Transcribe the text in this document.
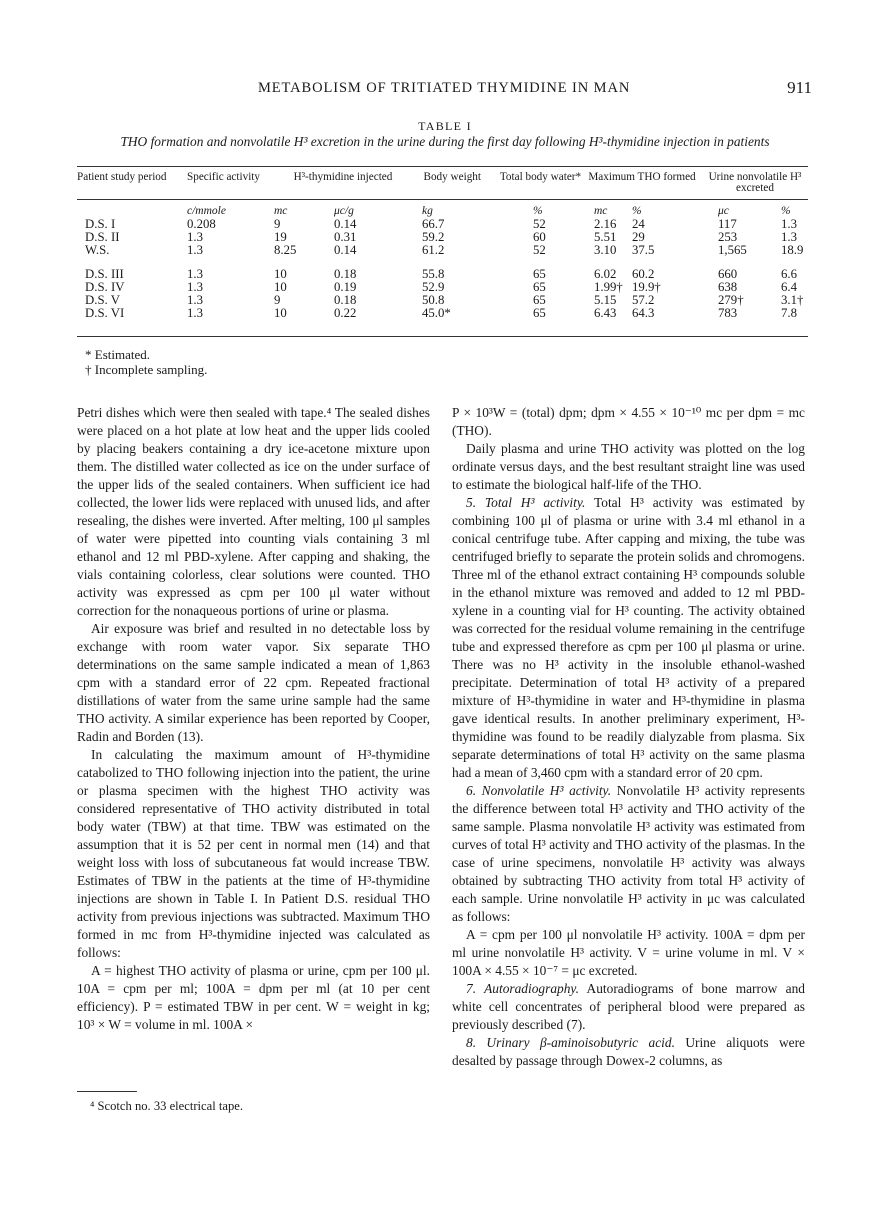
METABOLISM OF TRITIATED THYMIDINE IN MAN	911
TABLE I
THO formation and nonvolatile H³ excretion in the urine during the first day following H³-thymidine injection in patients
Patient study period	Specific activity	H³-thymidine injected		Body weight	Total body water*	Maximum THO formed		Urine nonvolatile H³ excreted	
	c/mmole	mc	μc/g	kg	%	mc	%	μc	%
D.S. I	0.208	9	0.14	66.7	52	2.16	24	117	1.3
D.S. II	1.3	19	0.31	59.2	60	5.51	29	253	1.3
W.S.	1.3	8.25	0.14	61.2	52	3.10	37.5	1,565	18.9

D.S. III	1.3	10	0.18	55.8	65	6.02	60.2	660	6.6
D.S. IV	1.3	10	0.19	52.9	65	1.99†	19.9†	638	6.4
D.S. V	1.3	9	0.18	50.8	65	5.15	57.2	279†	3.1†
D.S. VI	1.3	10	0.22	45.0*	65	6.43	64.3	783	7.8
* Estimated.
† Incomplete sampling.

Petri dishes which were then sealed with tape.⁴ The sealed dishes were placed on a hot plate at low heat and the upper lids cooled by placing beakers containing a dry ice-acetone mixture upon them. The distilled water collected as ice on the under surface of the upper lids of the sealed containers. When sufficient ice had collected, the lower lids were replaced with unused lids, and after resealing, the dishes were inverted. After melting, 100 μl samples of water were pipetted into counting vials containing 3 ml ethanol and 12 ml PBD-xylene. After capping and shaking, the vials containing colorless, clear solutions were counted. THO activity was expressed as cpm per 100 μl water without correction for the nonaqueous portions of urine or plasma.

Air exposure was brief and resulted in no detectable loss by exchange with room water vapor. Six separate THO determinations on the same sample indicated a mean of 1,863 cpm with a standard error of 22 cpm. Repeated fractional distillations of water from the same urine sample had the same THO activity. A similar experience has been reported by Cooper, Radin and Borden (13).

In calculating the maximum amount of H³-thymidine catabolized to THO following injection into the patient, the urine or plasma specimen with the highest THO activity was considered representative of THO activity distributed in total body water (TBW) at that time. TBW was estimated on the assumption that it is 52 per cent in normal men (14) and that weight loss with loss of subcutaneous fat would increase TBW. Estimates of TBW in the patients at the time of H³-thymidine injections are shown in Table I. In Patient D.S. residual THO activity from previous injections was subtracted. Maximum THO formed in mc from H³-thymidine injected was calculated as follows:

A = highest THO activity of plasma or urine, cpm per 100 μl. 10A = cpm per ml; 100A = dpm per ml (at 10 per cent efficiency). P = estimated TBW in per cent. W = weight in kg; 10³ × W = volume in ml. 100A ×

⁴ Scotch no. 33 electrical tape.

P × 10³W = (total) dpm; dpm × 4.55 × 10⁻¹⁰ mc per dpm = mc (THO).

Daily plasma and urine THO activity was plotted on the log ordinate versus days, and the best resultant straight line was used to estimate the biological half-life of the THO.

5. Total H³ activity. Total H³ activity was estimated by combining 100 μl of plasma or urine with 3.4 ml ethanol in a conical centrifuge tube. After capping and mixing, the tube was centrifuged briefly to separate the protein solids and chromogens. Three ml of the ethanol extract containing H³ compounds soluble in the ethanol mixture was removed and added to 12 ml PBD-xylene in a counting vial for H³ counting. The activity obtained was corrected for the residual volume remaining in the centrifuge tube and expressed therefore as cpm per 100 μl plasma or urine. There was no H³ activity in the insoluble ethanol-washed precipitate. Determination of total H³ activity of a prepared mixture of H³-thymidine in water and H³-thymidine in plasma gave identical results. In another preliminary experiment, H³-thymidine was found to be readily dialyzable from plasma. Six separate determinations of total H³ activity on the same plasma had a mean of 3,460 cpm with a standard error of 20 cpm.

6. Nonvolatile H³ activity. Nonvolatile H³ activity represents the difference between total H³ activity and THO activity of the same sample. Plasma nonvolatile H³ activity was estimated from curves of total H³ activity and THO activity of the plasmas. In the case of urine specimens, nonvolatile H³ activity was always obtained by subtracting THO activity from total H³ activity of each sample. Urine nonvolatile H³ activity in μc was calculated as follows:

A = cpm per 100 μl nonvolatile H³ activity. 100A = dpm per ml urine nonvolatile H³ activity. V = urine volume in ml. V × 100A × 4.55 × 10⁻⁷ = μc excreted.

7. Autoradiography. Autoradiograms of bone marrow and white cell concentrates of peripheral blood were prepared as previously described (7).

8. Urinary β-aminoisobutyric acid. Urine aliquots were desalted by passage through Dowex-2 columns, as
